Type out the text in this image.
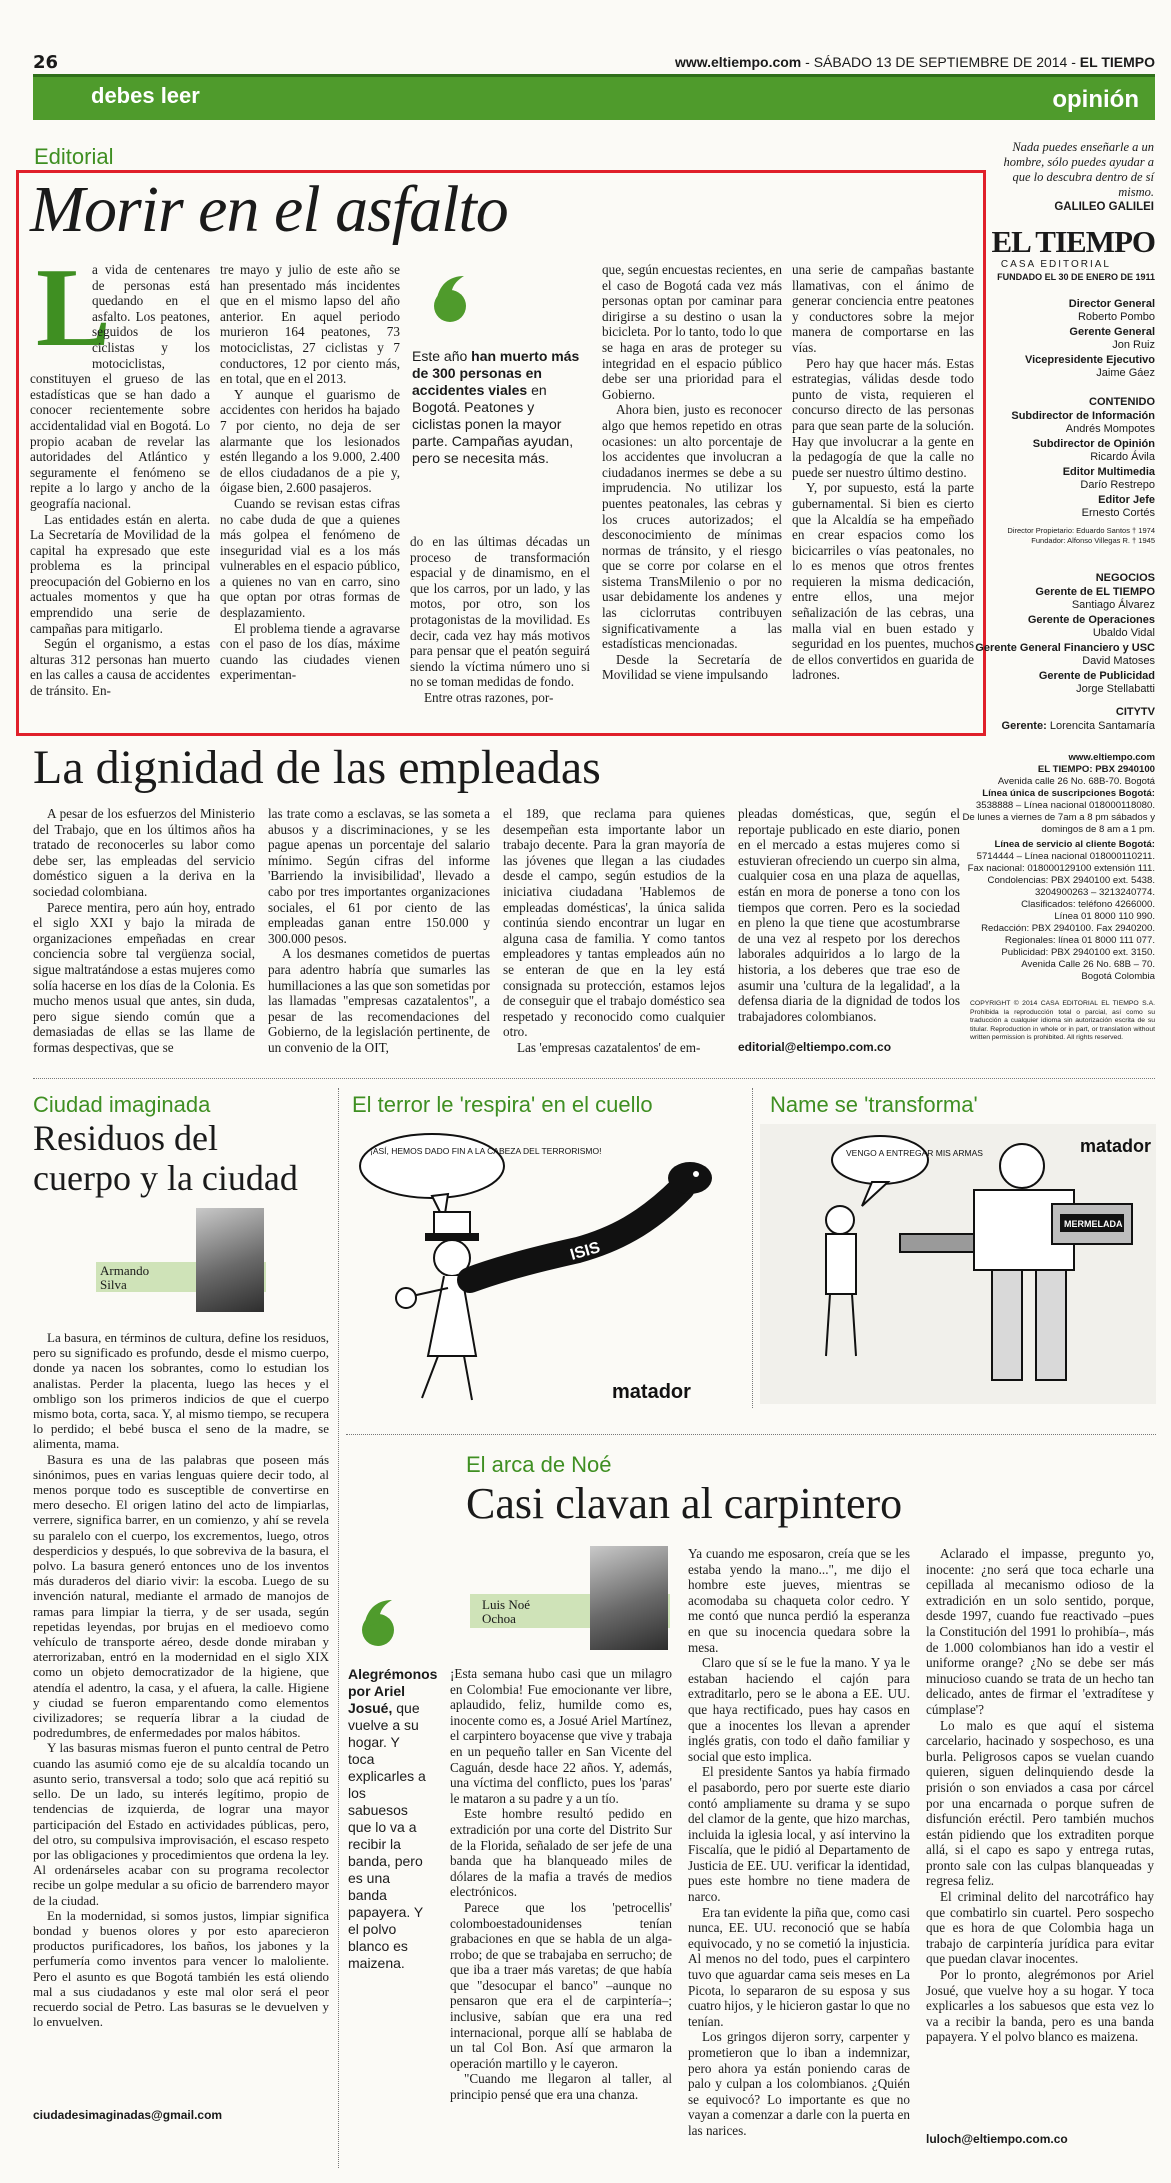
26	www.eltiempo.com - SÁBADO 13 DE SEPTIEMBRE DE 2014 - EL TIEMPO
debes leer	opinión
Editorial
Morir en el asfalto
L

a vida de centenares de personas está quedando en el asfalto. Los peatones, seguidos de los ciclistas y los motociclistas, constituyen el grueso de las estadísticas que se han dado a conocer recientemente sobre accidentalidad vial en Bogotá. Lo propio acaban de revelar las autoridades del Atlántico y seguramente el fenómeno se repite a lo largo y ancho de la geografía nacional.

Las entidades están en alerta. La Secretaría de Movilidad de la capital ha expresado que este problema es la principal preocupación del Gobierno en los actuales momentos y que ha emprendido una serie de campañas para mitigarlo.

Según el organismo, a estas alturas 312 personas han muerto en las calles a causa de accidentes de tránsito. En-

tre mayo y julio de este año se han presentado más incidentes que en el mismo lapso del año anterior. En aquel periodo murieron 164 peatones, 73 motociclistas, 27 ciclistas y 7 conductores, 12 por ciento más, en total, que en el 2013.

Y aunque el guarismo de accidentes con heridos ha bajado 7 por ciento, no deja de ser alarmante que los lesionados estén llegando a los 9.000, 2.400 de ellos ciudadanos de a pie y, óigase bien, 2.600 pasajeros.

Cuando se revisan estas cifras no cabe duda de que a quienes más golpea el fenómeno de inseguridad vial es a los más vulnerables en el espacio público, a quienes no van en carro, sino que optan por otras formas de desplazamiento.

El problema tiende a agravarse con el paso de los días, máxime cuando las ciudades vienen experimentan-

Este año han muerto más de 300 personas en accidentes viales en Bogotá. Peatones y ciclistas ponen la mayor parte. Campañas ayudan, pero se necesita más.

do en las últimas décadas un proceso de transformación espacial y de dinamismo, en el que los carros, por un lado, y las motos, por otro, son los protagonistas de la movilidad. Es decir, cada vez hay más motivos para pensar que el peatón seguirá siendo la víctima número uno si no se toman medidas de fondo.

Entre otras razones, por-

que, según encuestas recientes, en el caso de Bogotá cada vez más personas optan por caminar para dirigirse a su destino o usan la bicicleta. Por lo tanto, todo lo que se haga en aras de proteger su integridad en el espacio público debe ser una prioridad para el Gobierno.

Ahora bien, justo es reconocer algo que hemos repetido en otras ocasiones: un alto porcentaje de los accidentes que involucran a ciudadanos inermes se debe a su imprudencia. No utilizar los puentes peatonales, las cebras y los cruces autorizados; el desconocimiento de mínimas normas de tránsito, y el riesgo que se corre por colarse en el sistema TransMilenio o por no usar debidamente los andenes y las ciclorrutas contribuyen significativamente a las estadísticas mencionadas.

Desde la Secretaría de Movilidad se viene impulsando

una serie de campañas bastante llamativas, con el ánimo de generar conciencia entre peatones y conductores sobre la mejor manera de comportarse en las vías.

Pero hay que hacer más. Estas estrategias, válidas desde todo punto de vista, requieren el concurso directo de las personas para que sean parte de la solución. Hay que involucrar a la gente en la pedagogía de que la calle no puede ser nuestro último destino.

Y, por supuesto, está la parte gubernamental. Si bien es cierto que la Alcaldía se ha empeñado en crear espacios como los bicicarriles o vías peatonales, no lo es menos que otros frentes requieren la misma dedicación, entre ellos, una mejor señalización de las cebras, una malla vial en buen estado y seguridad en los puentes, muchos de ellos convertidos en guarida de ladrones.

Nada puedes enseñarle a un hombre, sólo puedes ayudar a que lo descubra dentro de sí mismo.
GALILEO GALILEI
EL TIEMPO
CASA EDITORIAL
FUNDADO EL 30 DE ENERO DE 1911
Director General
Roberto Pombo
Gerente General
Jon Ruiz
Vicepresidente Ejecutivo
Jaime Gáez
CONTENIDO
Subdirector de Información
Andrés Mompotes
Subdirector de Opinión
Ricardo Ávila
Editor Multimedia
Darío Restrepo
Editor Jefe
Ernesto Cortés
Director Propietario: Eduardo Santos † 1974
Fundador: Alfonso Villegas R. † 1945
NEGOCIOS
Gerente de EL TIEMPO
Santiago Álvarez
Gerente de Operaciones
Ubaldo Vidal
Gerente General Financiero y USC
David Matoses
Gerente de Publicidad
Jorge Stellabatti
CITYTV
Gerente: Lorencita Santamaría
www.eltiempo.com
EL TIEMPO: PBX 2940100
Avenida calle 26 No. 68B-70. Bogotá
Línea única de suscripciones Bogotá:
3538888 – Línea nacional 018000118080.
De lunes a viernes de 7am a 8 pm sábados y
domingos de 8 am a 1 pm.
Línea de servicio al cliente Bogotá:
5714444 – Línea nacional 018000110211.
Fax nacional: 018000129100 extensión 111.
Condolencias: PBX 2940100 ext. 5438.
3204900263 – 3213240774.
Clasificados: teléfono 4266000.
Línea 01 8000 110 990.
Redacción: PBX 2940100. Fax 2940200.
Regionales: línea 01 8000 111 077.
Publicidad: PBX 2940100 ext. 3150.
Avenida Calle 26 No. 68B – 70.
Bogotá Colombia
COPYRIGHT © 2014 CASA EDITORIAL EL TIEMPO S.A. Prohibida la reproducción total o parcial, así como su traducción a cualquier idioma sin autorización escrita de su titular. Reproduction in whole or in part, or translation without written permission is prohibited. All rights reserved.
La dignidad de las empleadas

A pesar de los esfuerzos del Ministerio del Trabajo, que en los últimos años ha tratado de reconocerles su labor como debe ser, las empleadas del servicio doméstico siguen a la deriva en la sociedad colombiana.

Parece mentira, pero aún hoy, entrado el siglo XXI y bajo la mirada de organizaciones empeñadas en crear conciencia sobre tal vergüenza social, sigue maltratándose a estas mujeres como solía hacerse en los días de la Colonia. Es mucho menos usual que antes, sin duda, pero sigue siendo común que a demasiadas de ellas se las llame de formas despectivas, que se

las trate como a esclavas, se las someta a abusos y a discriminaciones, y se les pague apenas un porcentaje del salario mínimo. Según cifras del informe 'Barriendo la invisibilidad', llevado a cabo por tres importantes organizaciones sociales, el 61 por ciento de las empleadas ganan entre 150.000 y 300.000 pesos.

A los desmanes cometidos de puertas para adentro habría que sumarles las humillaciones a las que son sometidas por las llamadas "empresas cazatalentos", a pesar de las recomendaciones del Gobierno, de la legislación pertinente, de un convenio de la OIT,

el 189, que reclama para quienes desempeñan esta importante labor un trabajo decente. Para la gran mayoría de las jóvenes que llegan a las ciudades desde el campo, según estudios de la iniciativa ciudadana 'Hablemos de empleadas domésticas', la única salida continúa siendo encontrar un lugar en alguna casa de familia. Y como tantos empleadores y tantas empleados aún no se enteran de que en la ley está consignada su protección, estamos lejos de conseguir que el trabajo doméstico sea respetado y reconocido como cualquier otro.

Las 'empresas cazatalentos' de em-

pleadas domésticas, que, según el reportaje publicado en este diario, ponen en el mercado a estas mujeres como si estuvieran ofreciendo un cuerpo sin alma, cualquier cosa en una plaza de aquellas, están en mora de ponerse a tono con los tiempos que corren. Pero es la sociedad en pleno la que tiene que acostumbrarse de una vez al respeto por los derechos laborales adquiridos a lo largo de la historia, a los deberes que trae eso de asumir una 'cultura de la legalidad', a la defensa diaria de la dignidad de todos los trabajadores colombianos.

editorial@eltiempo.com.co
Ciudad imaginada
Residuos del
cuerpo y la ciudad
Armando
Silva

La basura, en términos de cultura, define los residuos, pero su significado es profundo, desde el mismo cuerpo, donde ya nacen los sobrantes, como lo estudian los analistas. Perder la placenta, luego las heces y el ombligo son los primeros indicios de que el cuerpo mismo bota, corta, saca. Y, al mismo tiempo, se recupera lo perdido; el bebé busca el seno de la madre, se alimenta, mama.

Basura es una de las palabras que poseen más sinónimos, pues en varias lenguas quiere decir todo, al menos porque todo es susceptible de convertirse en mero desecho. El origen latino del acto de limpiarlas, verrere, significa barrer, en un comienzo, y ahí se revela su paralelo con el cuerpo, los excrementos, luego, otros desperdicios y después, lo que sobreviva de la basura, el polvo. La basura generó entonces uno de los inventos más duraderos del diario vivir: la escoba. Luego de su invención natural, mediante el armado de manojos de ramas para limpiar la tierra, y de ser usada, según repetidas leyendas, por brujas en el medioevo como vehículo de transporte aéreo, desde donde miraban y aterrorizaban, entró en la modernidad en el siglo XIX como un objeto democratizador de la higiene, que atendía el adentro, la casa, y el afuera, la calle. Higiene y ciudad se fueron emparentando como elementos civilizadores; se requería librar a la ciudad de podredumbres, de enfermedades por malos hábitos.

Y las basuras mismas fueron el punto central de Petro cuando las asumió como eje de su alcaldía tocando un asunto serio, transversal a todo; solo que acá repitió su sello. De un lado, su interés legítimo, propio de tendencias de izquierda, de lograr una mayor participación del Estado en actividades públicas, pero, del otro, su compulsiva improvisación, el escaso respeto por las obligaciones y procedimientos que ordena la ley. Al ordenárseles acabar con su programa recolector recibe un golpe medular a su oficio de barrendero mayor de la ciudad.

En la modernidad, si somos justos, limpiar significa bondad y buenos olores y por esto aparecieron productos purificadores, los baños, los jabones y la perfumería como inventos para vencer lo maloliente. Pero el asunto es que Bogotá también les está oliendo mal a sus ciudadanos y este mal olor será el peor recuerdo social de Petro. Las basuras se le devuelven y lo envuelven.

ciudadesimaginadas@gmail.com
El terror le 'respira' en el cuello
ISIS
¡ASÍ, HEMOS DADO FIN A LA CABEZA DEL TERRORISMO!
matador
Name se 'transforma'
MERMELADA
VENGO A ENTREGAR MIS ARMAS	matador
El arca de Noé
Casi clavan al carpintero
Alegrémonos por Ariel Josué, que vuelve a su hogar. Y toca explicarles a los sabuesos que lo va a recibir la banda, pero es una banda papayera. Y el polvo blanco es maizena.
Luis Noé
Ochoa

¡Esta semana hubo casi que un milagro en Colombia! Fue emocionante ver libre, aplaudido, feliz, humilde como es, inocente como es, a Josué Ariel Martínez, el carpintero boyacense que vive y trabaja en un pequeño taller en San Vicente del Caguán, desde hace 22 años. Y, además, una víctima del conflicto, pues los 'paras' le mataron a su padre y a un tío.

Este hombre resultó pedido en extradición por una corte del Distrito Sur de la Florida, señalado de ser jefe de una banda que ha blanqueado miles de dólares de la mafia a través de medios electrónicos.

Parece que los 'petrocellis' colomboestadounidenses tenían grabaciones en que se habla de un alga-rrobo; de que se trabajaba en serrucho; de que iba a traer más varetas; de que había que "desocupar el banco" –aunque no pensaron que era el de carpintería–; inclusive, sabían que era una red internacional, porque allí se hablaba de un tal Col Bon. Así que armaron la operación martillo y le cayeron.

"Cuando me llegaron al taller, al principio pensé que era una chanza.

Ya cuando me esposaron, creía que se les estaba yendo la mano...", me dijo el hombre este jueves, mientras se acomodaba su chaqueta color cedro. Y me contó que nunca perdió la esperanza en que su inocencia quedara sobre la mesa.

Claro que sí se le fue la mano. Y ya le estaban haciendo el cajón para extraditarlo, pero se le abona a EE. UU. que haya rectificado, pues hay casos en que a inocentes los llevan a aprender inglés gratis, con todo el daño familiar y social que esto implica.

El presidente Santos ya había firmado el pasabordo, pero por suerte este diario contó ampliamente su drama y se supo del clamor de la gente, que hizo marchas, incluida la iglesia local, y así intervino la Fiscalía, que le pidió al Departamento de Justicia de EE. UU. verificar la identidad, pues este hombre no tiene madera de narco.

Era tan evidente la piña que, como casi nunca, EE. UU. reconoció que se había equivocado, y no se cometió la injusticia. Al menos no del todo, pues el carpintero tuvo que aguardar cama seis meses en La Picota, lo separaron de su esposa y sus cuatro hijos, y le hicieron gastar lo que no tenían.

Los gringos dijeron sorry, carpenter y prometieron que lo iban a indemnizar, pero ahora ya están poniendo caras de palo y culpan a los colombianos. ¿Quién se equivocó? Lo importante es que no vayan a comenzar a darle con la puerta en las narices.

Aclarado el impasse, pregunto yo, inocente: ¿no será que toca echarle una cepillada al mecanismo odioso de la extradición en un solo sentido, porque, desde 1997, cuando fue reactivado –pues la Constitución del 1991 lo prohibía–, más de 1.000 colombianos han ido a vestir el uniforme orange? ¿No se debe ser más minucioso cuando se trata de un hecho tan delicado, antes de firmar el 'extradítese y cúmplase'?

Lo malo es que aquí el sistema carcelario, hacinado y sospechoso, es una burla. Peligrosos capos se vuelan cuando quieren, siguen delinquiendo desde la prisión o son enviados a casa por cárcel por una encarnada o porque sufren de disfunción eréctil. Pero también muchos están pidiendo que los extraditen porque allá, si el capo es sapo y entrega rutas, pronto sale con las culpas blanqueadas y regresa feliz.

El criminal delito del narcotráfico hay que combatirlo sin cuartel. Pero sospecho que es hora de que Colombia haga un trabajo de carpintería jurídica para evitar que puedan clavar inocentes.

Por lo pronto, alegrémonos por Ariel Josué, que vuelve hoy a su hogar. Y toca explicarles a los sabuesos que esta vez lo va a recibir la banda, pero es una banda papayera. Y el polvo blanco es maizena.

luloch@eltiempo.com.co
